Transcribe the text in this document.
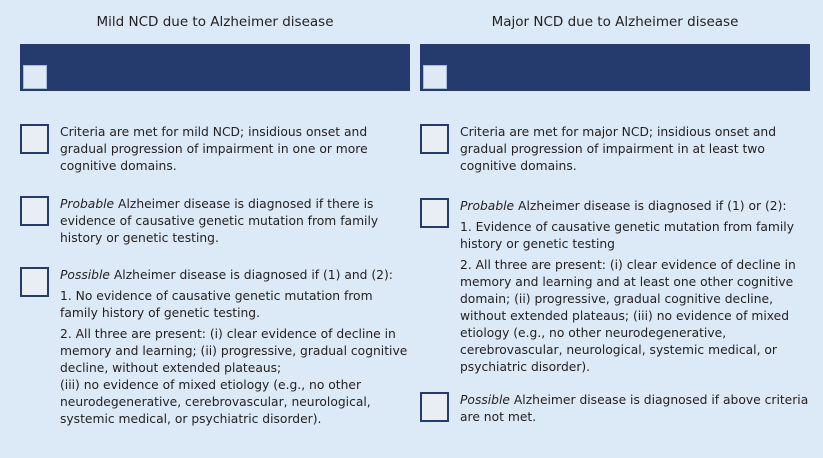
Mild NCD due to Alzheimer disease

Criteria are met for mild NCD; insidious onset and gradual progression of impairment in one or more cognitive domains.

Probable Alzheimer disease is diagnosed if there is evidence of causative genetic mutation from family history or genetic testing.

Possible Alzheimer disease is diagnosed if (1) and (2):

1. No evidence of causative genetic mutation from family history of genetic testing.

2. All three are present: (i) clear evidence of decline in memory and learning; (ii) progressive, gradual cognitive decline, without extended plateaus;

(iii) no evidence of mixed etiology (e.g., no other neurodegenerative, cerebrovascular, neurological, systemic medical, or psychiatric disorder).

Major NCD due to Alzheimer disease

Criteria are met for major NCD; insidious onset and gradual progression of impairment in at least two cognitive domains.

Probable Alzheimer disease is diagnosed if (1) or (2):

1. Evidence of causative genetic mutation from family history or genetic testing

2. All three are present: (i) clear evidence of decline in memory and learning and at least one other cognitive domain; (ii) progressive, gradual cognitive decline, without extended plateaus; (iii) no evidence of mixed etiology (e.g., no other neurodegenerative, cerebrovascular, neurological, systemic medical, or psychiatric disorder).

Possible Alzheimer disease is diagnosed if above criteria are not met.
